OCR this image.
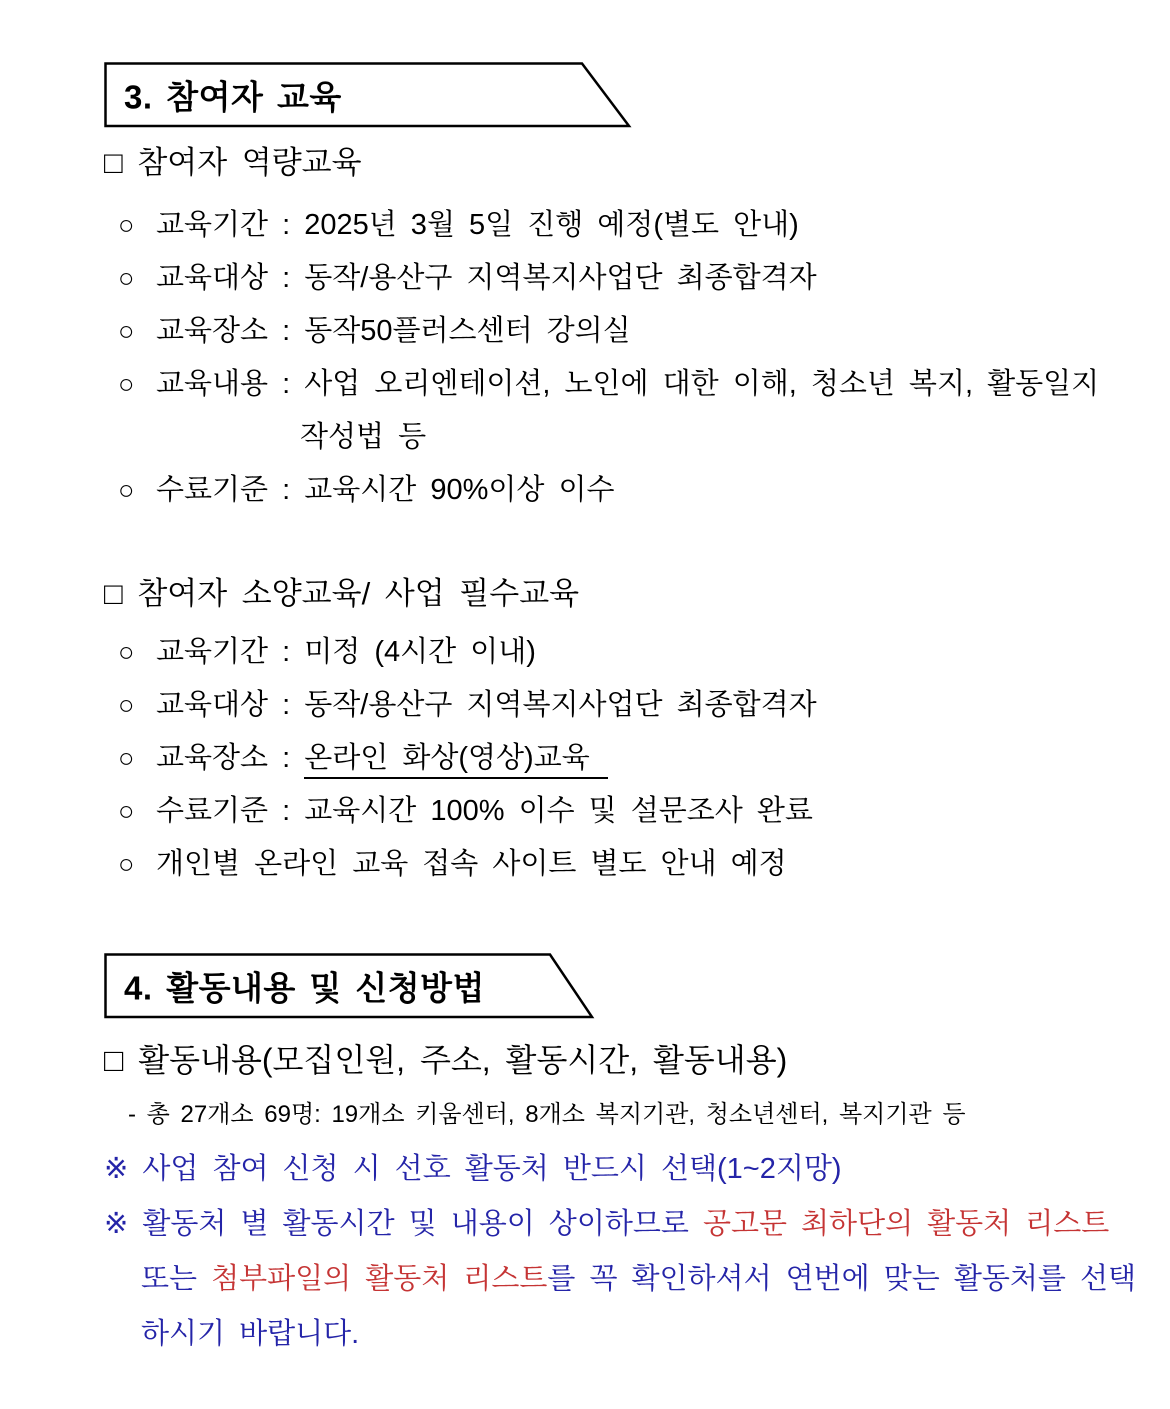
3. 참여자 교육
□ 참여자 역량교육
○ 교육기간 : 2025년 3월 5일 진행 예정(별도 안내)
○ 교육대상 : 동작/용산구 지역복지사업단 최종합격자
○ 교육장소 : 동작50플러스센터 강의실
○ 교육내용 : 사업 오리엔테이션, 노인에 대한 이해, 청소년 복지, 활동일지
작성법 등
○ 수료기준 : 교육시간 90%이상 이수
□ 참여자 소양교육/ 사업 필수교육
○ 교육기간 : 미정 (4시간 이내)
○ 교육대상 : 동작/용산구 지역복지사업단 최종합격자
○ 교육장소 : 온라인 화상(영상)교육
○ 수료기준 : 교육시간 100% 이수 및 설문조사 완료
○ 개인별 온라인 교육 접속 사이트 별도 안내 예정
4. 활동내용 및 신청방법
□ 활동내용(모집인원, 주소, 활동시간, 활동내용)
- 총 27개소 69명: 19개소 키움센터, 8개소 복지기관, 청소년센터, 복지기관 등
※ 사업 참여 신청 시 선호 활동처 반드시 선택(1~2지망)
※ 활동처 별 활동시간 및 내용이 상이하므로 공고문 최하단의 활동처 리스트
또는 첨부파일의 활동처 리스트를 꼭 확인하셔서 연번에 맞는 활동처를 선택
하시기 바랍니다.
